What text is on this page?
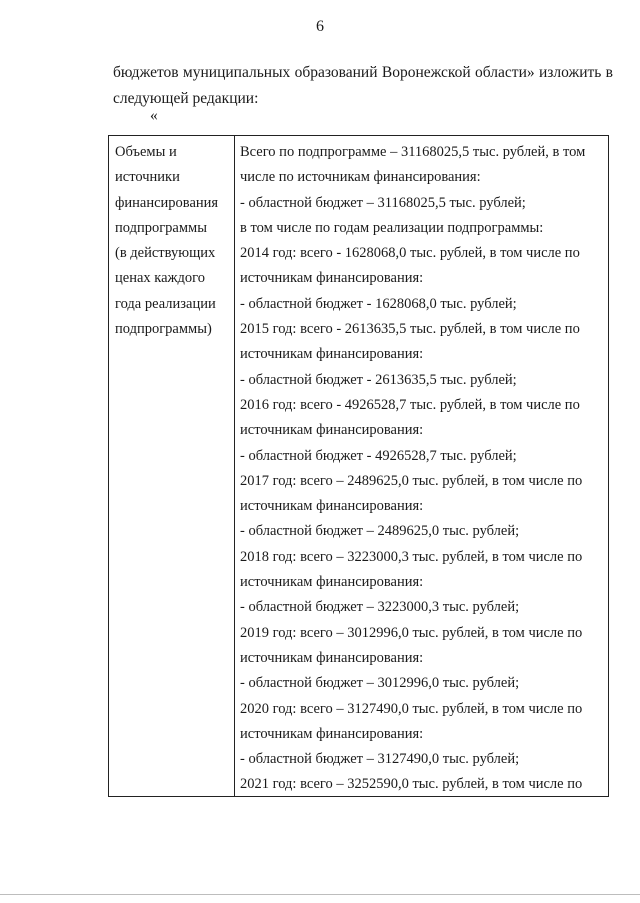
6
бюджетов муниципальных образований Воронежской области» изложить в
следующей редакции:
«
Объемы и
источники
финансирования
подпрограммы
(в действующих
ценах каждого
года реализации
подпрограммы)
Всего по подпрограмме – 31168025,5 тыс. рублей, в том
числе по источникам финансирования:
- областной бюджет – 31168025,5 тыс. рублей;
в том числе по годам реализации подпрограммы:
2014 год: всего - 1628068,0 тыс. рублей, в том числе по
источникам финансирования:
- областной бюджет - 1628068,0 тыс. рублей;
2015 год: всего - 2613635,5 тыс. рублей, в том числе по
источникам финансирования:
- областной бюджет - 2613635,5 тыс. рублей;
2016 год: всего - 4926528,7 тыс. рублей, в том числе по
источникам финансирования:
- областной бюджет - 4926528,7 тыс. рублей;
2017 год: всего – 2489625,0 тыс. рублей, в том числе по
источникам финансирования:
- областной бюджет – 2489625,0 тыс. рублей;
2018 год: всего – 3223000,3 тыс. рублей, в том числе по
источникам финансирования:
- областной бюджет – 3223000,3 тыс. рублей;
2019 год: всего – 3012996,0 тыс. рублей, в том числе по
источникам финансирования:
- областной бюджет – 3012996,0 тыс. рублей;
2020 год: всего – 3127490,0 тыс. рублей, в том числе по
источникам финансирования:
- областной бюджет – 3127490,0 тыс. рублей;
2021 год: всего – 3252590,0 тыс. рублей, в том числе по
